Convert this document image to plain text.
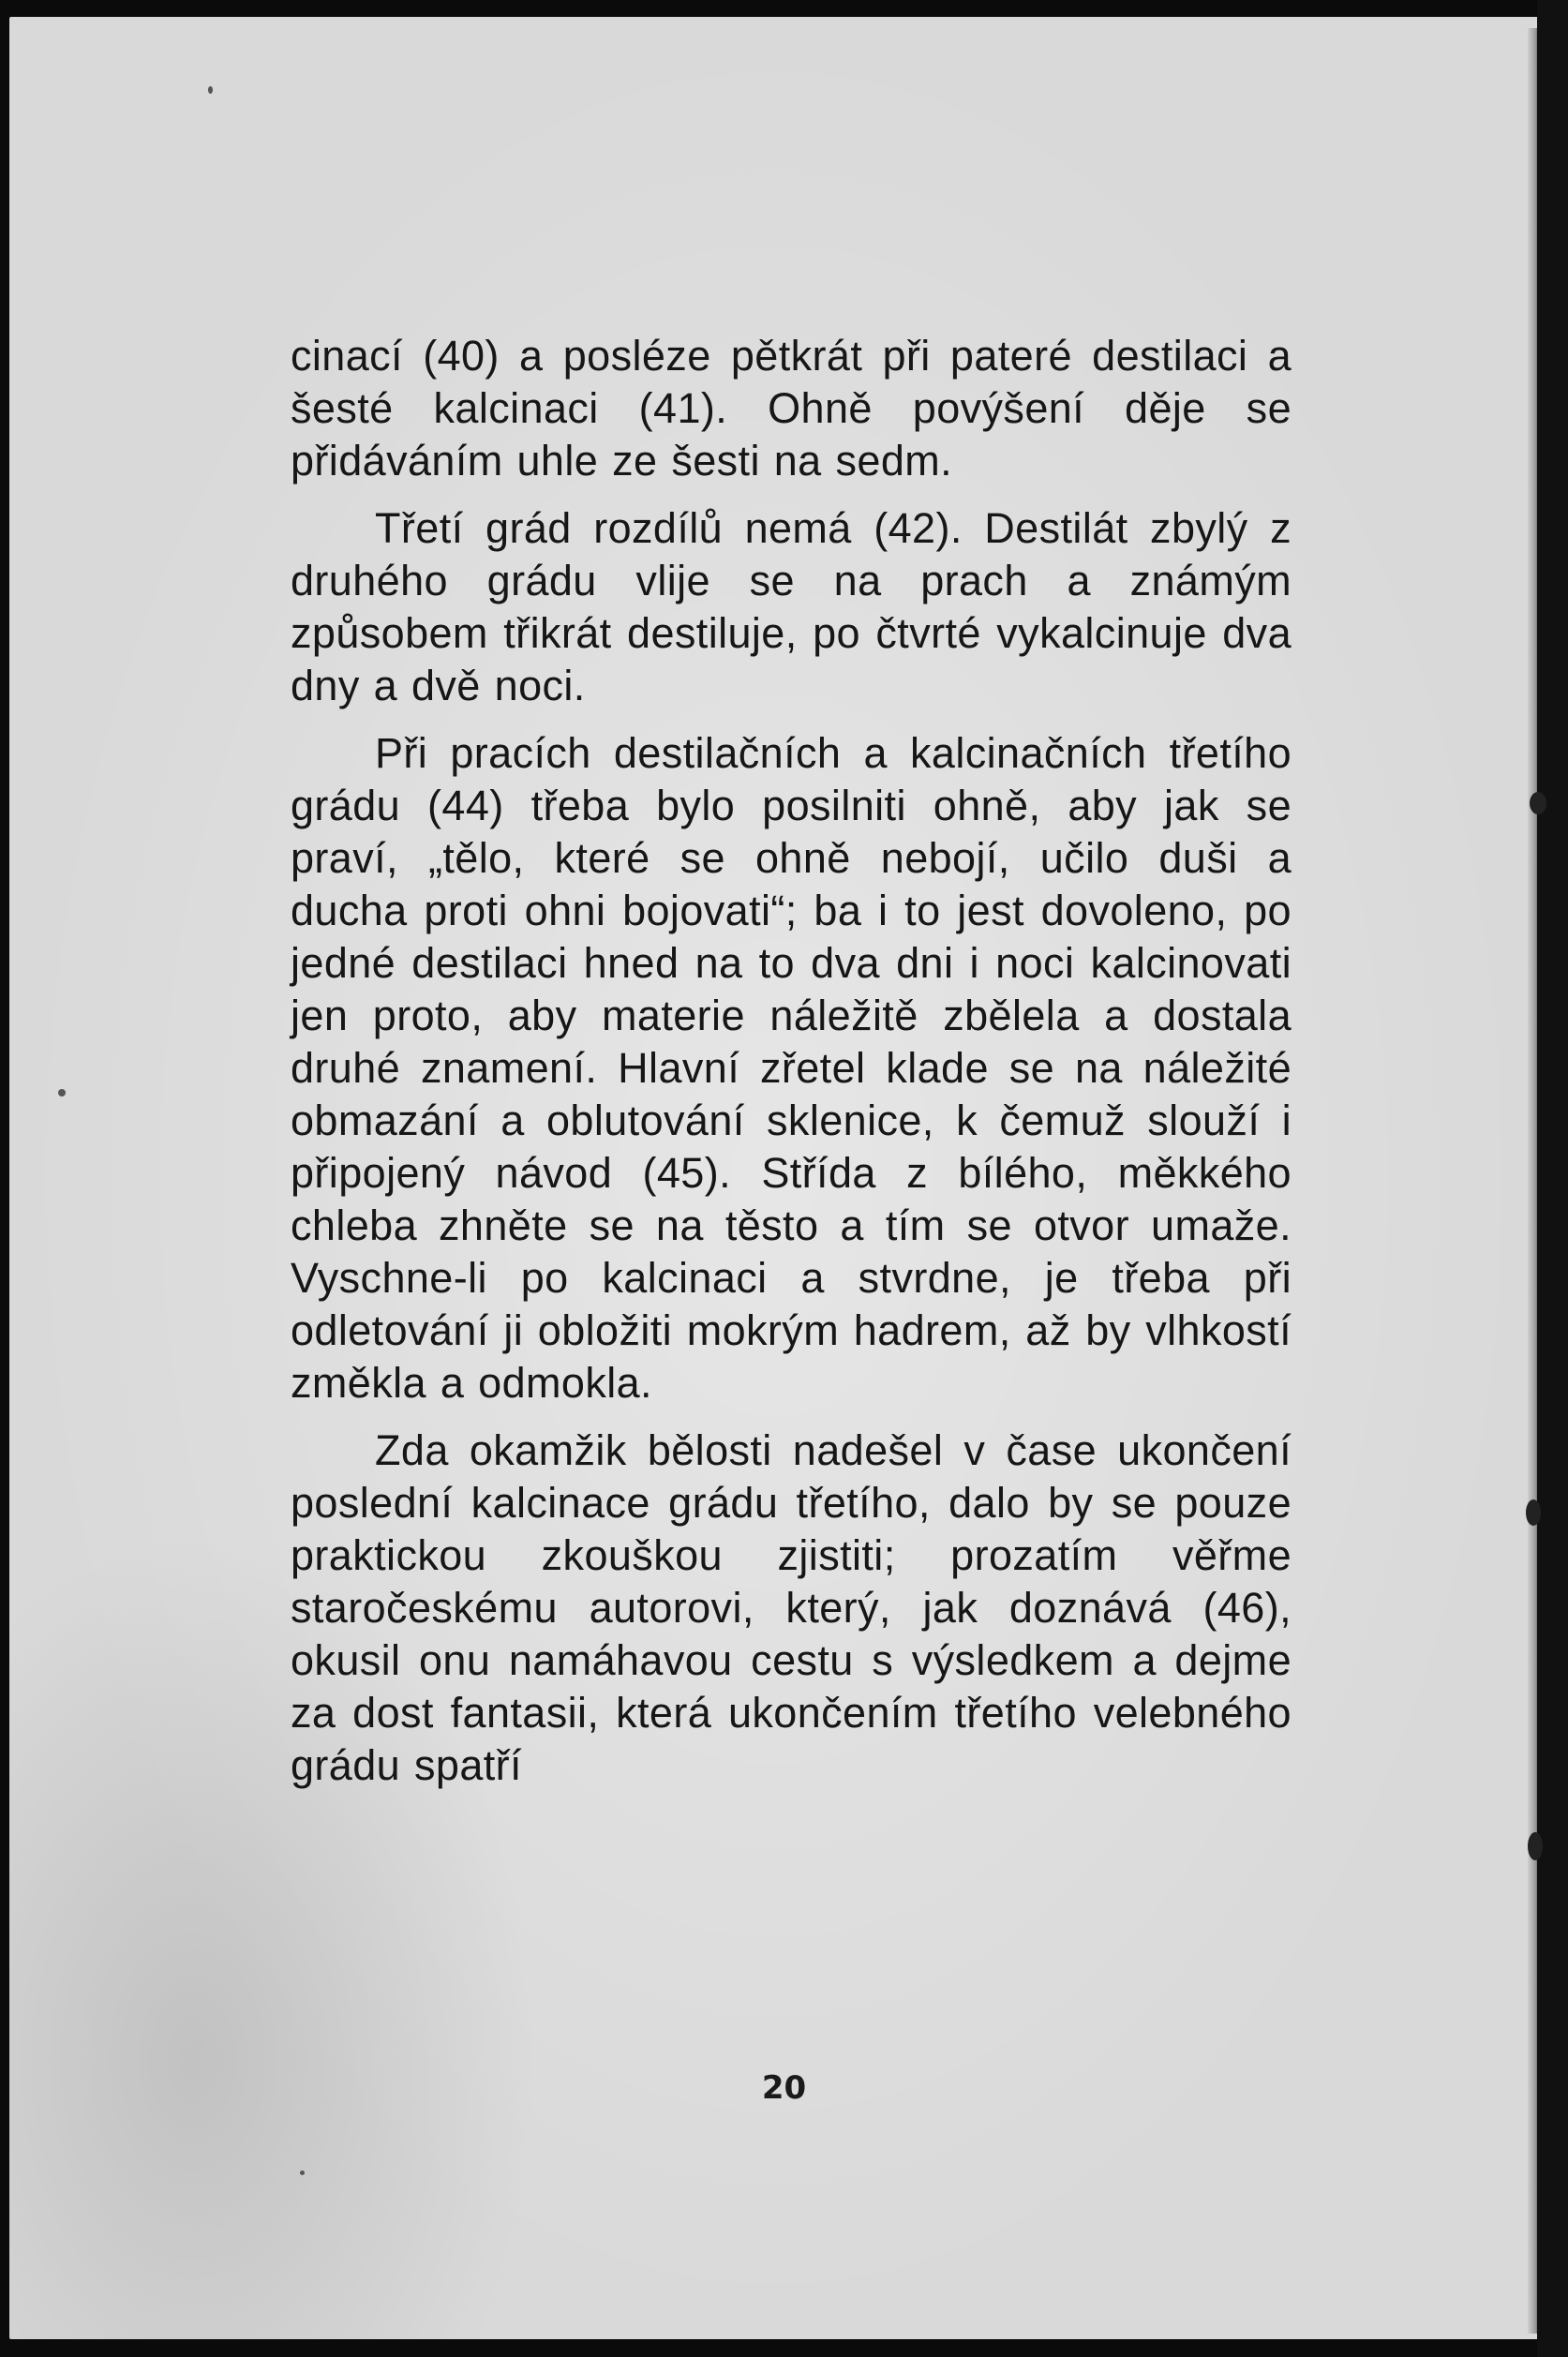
cinací (40) a posléze pětkrát při pateré destilaci a šesté kalcinaci (41). Ohně povýšení děje se přidáváním uhle ze šesti na sedm.

Třetí grád rozdílů nemá (42). Destilát zbylý z druhého grádu vlije se na prach a známým způsobem třikrát destiluje, po čtvrté vykalcinuje dva dny a dvě noci.

Při pracích destilačních a kalcinačních třetího grádu (44) třeba bylo posilniti ohně, aby jak se praví, „tělo, které se ohně nebojí, učilo duši a ducha proti ohni bojovati“; ba i to jest dovoleno, po jedné destilaci hned na to dva dni i noci kalcinovati jen proto, aby materie náležitě zbělela a dostala druhé znamení. Hlavní zřetel klade se na náležité obmazání a oblutování sklenice, k čemuž slouží i připojený návod (45). Střída z bílého, měkkého chleba zhněte se na těsto a tím se otvor umaže. Vyschne-li po kalcinaci a stvrdne, je třeba při odletování ji obložiti mokrým hadrem, až by vlhkostí změkla a odmokla.

Zda okamžik bělosti nadešel v čase ukončení poslední kalcinace grádu třetího, dalo by se pouze praktickou zkouškou zjistiti; prozatím věřme staročeskému autorovi, který, jak doznává (46), okusil onu namáhavou cestu s výsledkem a dejme za dost fantasii, která ukončením třetího velebného grádu spatří

20
